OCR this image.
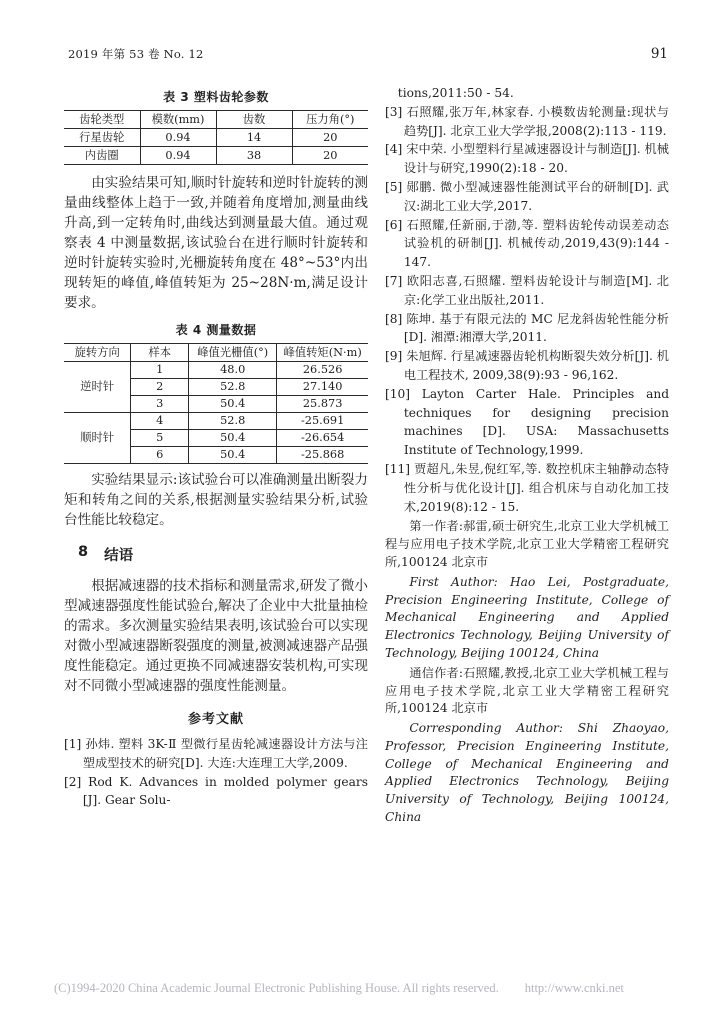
2019 年第 53 卷 No. 12	91
表 3 塑料齿轮参数
齿轮类型	模数(mm)	齿数	压力角(°)
行星齿轮	0.94	14	20
内齿圈	0.94	38	20

由实验结果可知,顺时针旋转和逆时针旋转的测量曲线整体上趋于一致,并随着角度增加,测量曲线升高,到一定转角时,曲线达到测量最大值。通过观察表 4 中测量数据,该试验台在进行顺时针旋转和逆时针旋转实验时,光栅旋转角度在 48°~53°内出现转矩的峰值,峰值转矩为 25~28N·m,满足设计要求。

表 4 测量数据
旋转方向	样本	峰值光栅值(°)	峰值转矩(N·m)
逆时针	1	48.0	26.526
	2	52.8	27.140
	3	50.4	25.873
顺时针	4	52.8	-25.691
	5	50.4	-26.654
	6	50.4	-25.868

实验结果显示:该试验台可以准确测量出断裂力矩和转角之间的关系,根据测量实验结果分析,试验台性能比较稳定。

8 结语

根据减速器的技术指标和测量需求,研发了微小型减速器强度性能试验台,解决了企业中大批量抽检的需求。多次测量实验结果表明,该试验台可以实现对微小型减速器断裂强度的测量,被测减速器产品强度性能稳定。通过更换不同减速器安装机构,可实现对不同微小型减速器的强度性能测量。

参考文献

[1] 孙炜. 塑料 3K-Ⅱ 型微行星齿轮减速器设计方法与注塑成型技术的研究[D]. 大连:大连理工大学,2009.

[2] Rod K. Advances in molded polymer gears [J]. Gear Solu-

tions,2011:50 - 54.

[3] 石照耀,张万年,林家春. 小模数齿轮测量:现状与趋势[J]. 北京工业大学学报,2008(2):113 - 119.

[4] 宋中荣. 小型塑料行星减速器设计与制造[J]. 机械设计与研究,1990(2):18 - 20.

[5] 郧鹏. 微小型减速器性能测试平台的研制[D]. 武汉:湖北工业大学,2017.

[6] 石照耀,任新丽,于渤,等. 塑料齿轮传动误差动态试验机的研制[J]. 机械传动,2019,43(9):144 - 147.

[7] 欧阳志喜,石照耀. 塑料齿轮设计与制造[M]. 北京:化学工业出版社,2011.

[8] 陈坤. 基于有限元法的 MC 尼龙斜齿轮性能分析[D]. 湘潭:湘潭大学,2011.

[9] 朱旭辉. 行星减速器齿轮机构断裂失效分析[J]. 机电工程技术, 2009,38(9):93 - 96,162.

[10] Layton Carter Hale. Principles and techniques for designing precision machines [D]. USA: Massachusetts Institute of Technology,1999.

[11] 贾超凡,朱昱,倪红军,等. 数控机床主轴静动态特性分析与优化设计[J]. 组合机床与自动化加工技术,2019(8):12 - 15.

第一作者:郝雷,硕士研究生,北京工业大学机械工程与应用电子技术学院,北京工业大学精密工程研究所,100124 北京市

First Author: Hao Lei, Postgraduate, Precision Engineering Institute, College of Mechanical Engineering and Applied Electronics Technology, Beijing University of Technology, Beijing 100124, China

通信作者:石照耀,教授,北京工业大学机械工程与应用电子技术学院,北京工业大学精密工程研究所,100124 北京市

Corresponding Author: Shi Zhaoyao, Professor, Precision Engineering Institute, College of Mechanical Engineering and Applied Electronics Technology, Beijing University of Technology, Beijing 100124, China

(C)1994-2020 China Academic Journal Electronic Publishing House. All rights reserved. http://www.cnki.net
